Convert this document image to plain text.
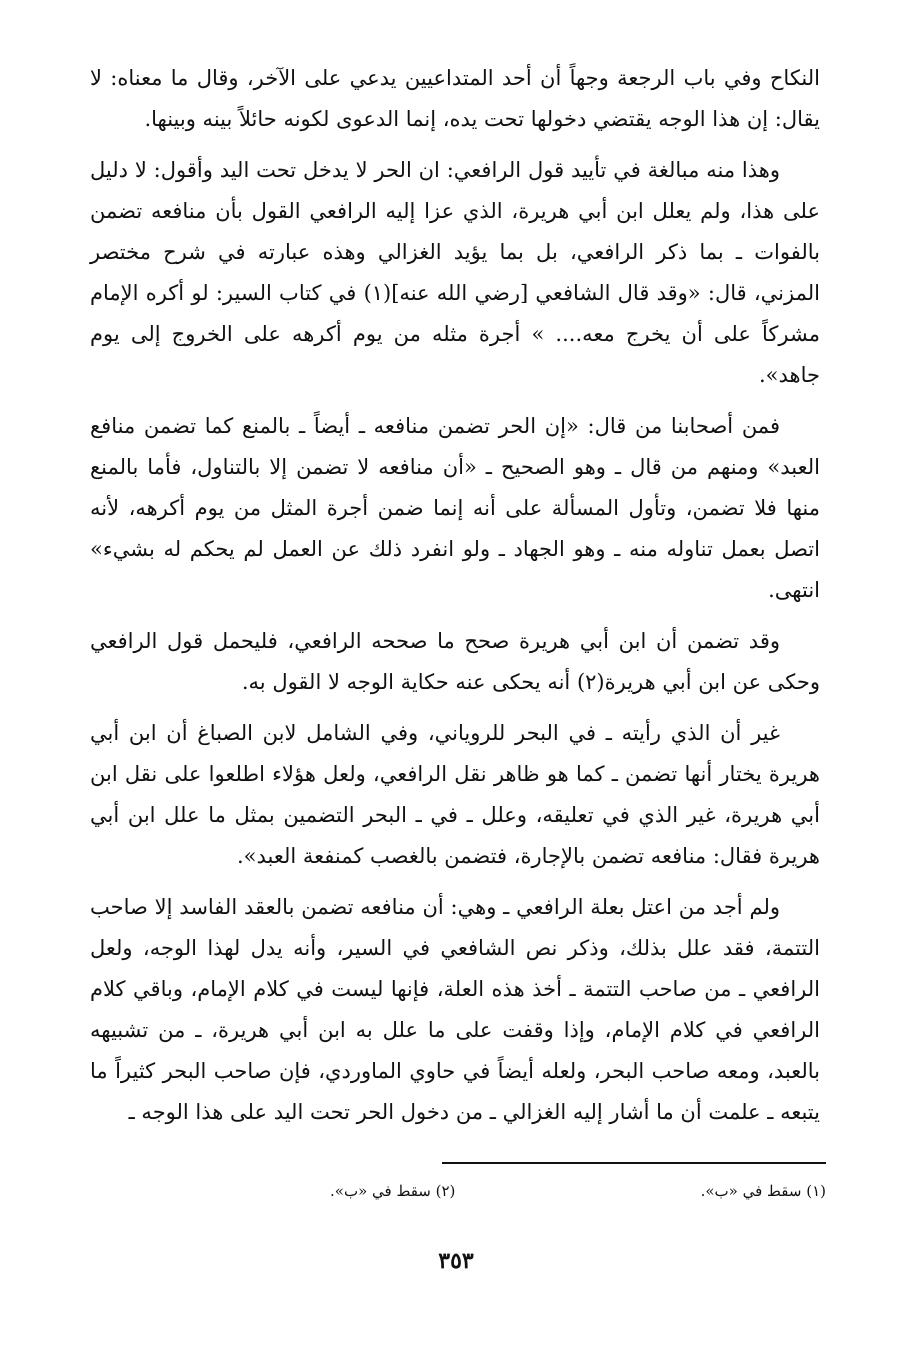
النكاح وفي باب الرجعة وجهاً أن أحد المتداعيين يدعي على الآخر، وقال ما معناه: لا يقال: إن هذا الوجه يقتضي دخولها تحت يده، إنما الدعوى لكونه حائلاً بينه وبينها.

وهذا منه مبالغة في تأييد قول الرافعي: ان الحر لا يدخل تحت اليد وأقول: لا دليل على هذا، ولم يعلل ابن أبي هريرة، الذي عزا إليه الرافعي القول بأن منافعه تضمن بالفوات ـ بما ذكر الرافعي، بل بما يؤيد الغزالي وهذه عبارته في شرح مختصر المزني، قال: «وقد قال الشافعي [رضي الله عنه](١) في كتاب السير: لو أكره الإمام مشركاً على أن يخرج معه.... » أجرة مثله من يوم أكرهه على الخروج إلى يوم جاهد».

فمن أصحابنا من قال: «إن الحر تضمن منافعه ـ أيضاً ـ بالمنع كما تضمن منافع العبد» ومنهم من قال ـ وهو الصحيح ـ «أن منافعه لا تضمن إلا بالتناول، فأما بالمنع منها فلا تضمن، وتأول المسألة على أنه إنما ضمن أجرة المثل من يوم أكرهه، لأنه اتصل بعمل تناوله منه ـ وهو الجهاد ـ ولو انفرد ذلك عن العمل لم يحكم له بشيء» انتهى.

وقد تضمن أن ابن أبي هريرة صحح ما صححه الرافعي، فليحمل قول الرافعي وحكى عن ابن أبي هريرة(٢) أنه يحكى عنه حكاية الوجه لا القول به.

غير أن الذي رأيته ـ في البحر للروياني، وفي الشامل لابن الصباغ أن ابن أبي هريرة يختار أنها تضمن ـ كما هو ظاهر نقل الرافعي، ولعل هؤلاء اطلعوا على نقل ابن أبي هريرة، غير الذي في تعليقه، وعلل ـ في ـ البحر التضمين بمثل ما علل ابن أبي هريرة فقال: منافعه تضمن بالإجارة، فتضمن بالغصب كمنفعة العبد».

ولم أجد من اعتل بعلة الرافعي ـ وهي: أن منافعه تضمن بالعقد الفاسد إلا صاحب التتمة، فقد علل بذلك، وذكر نص الشافعي في السير، وأنه يدل لهذا الوجه، ولعل الرافعي ـ من صاحب التتمة ـ أخذ هذه العلة، فإنها ليست في كلام الإمام، وباقي كلام الرافعي في كلام الإمام، وإذا وقفت على ما علل به ابن أبي هريرة، ـ من تشبيهه بالعبد، ومعه صاحب البحر، ولعله أيضاً في حاوي الماوردي، فإن صاحب البحر كثيراً ما يتبعه ـ علمت أن ما أشار إليه الغزالي ـ من دخول الحر تحت اليد على هذا الوجه ـ

(١) سقط في «ب».
(٢) سقط في «ب».
٣٥٣
